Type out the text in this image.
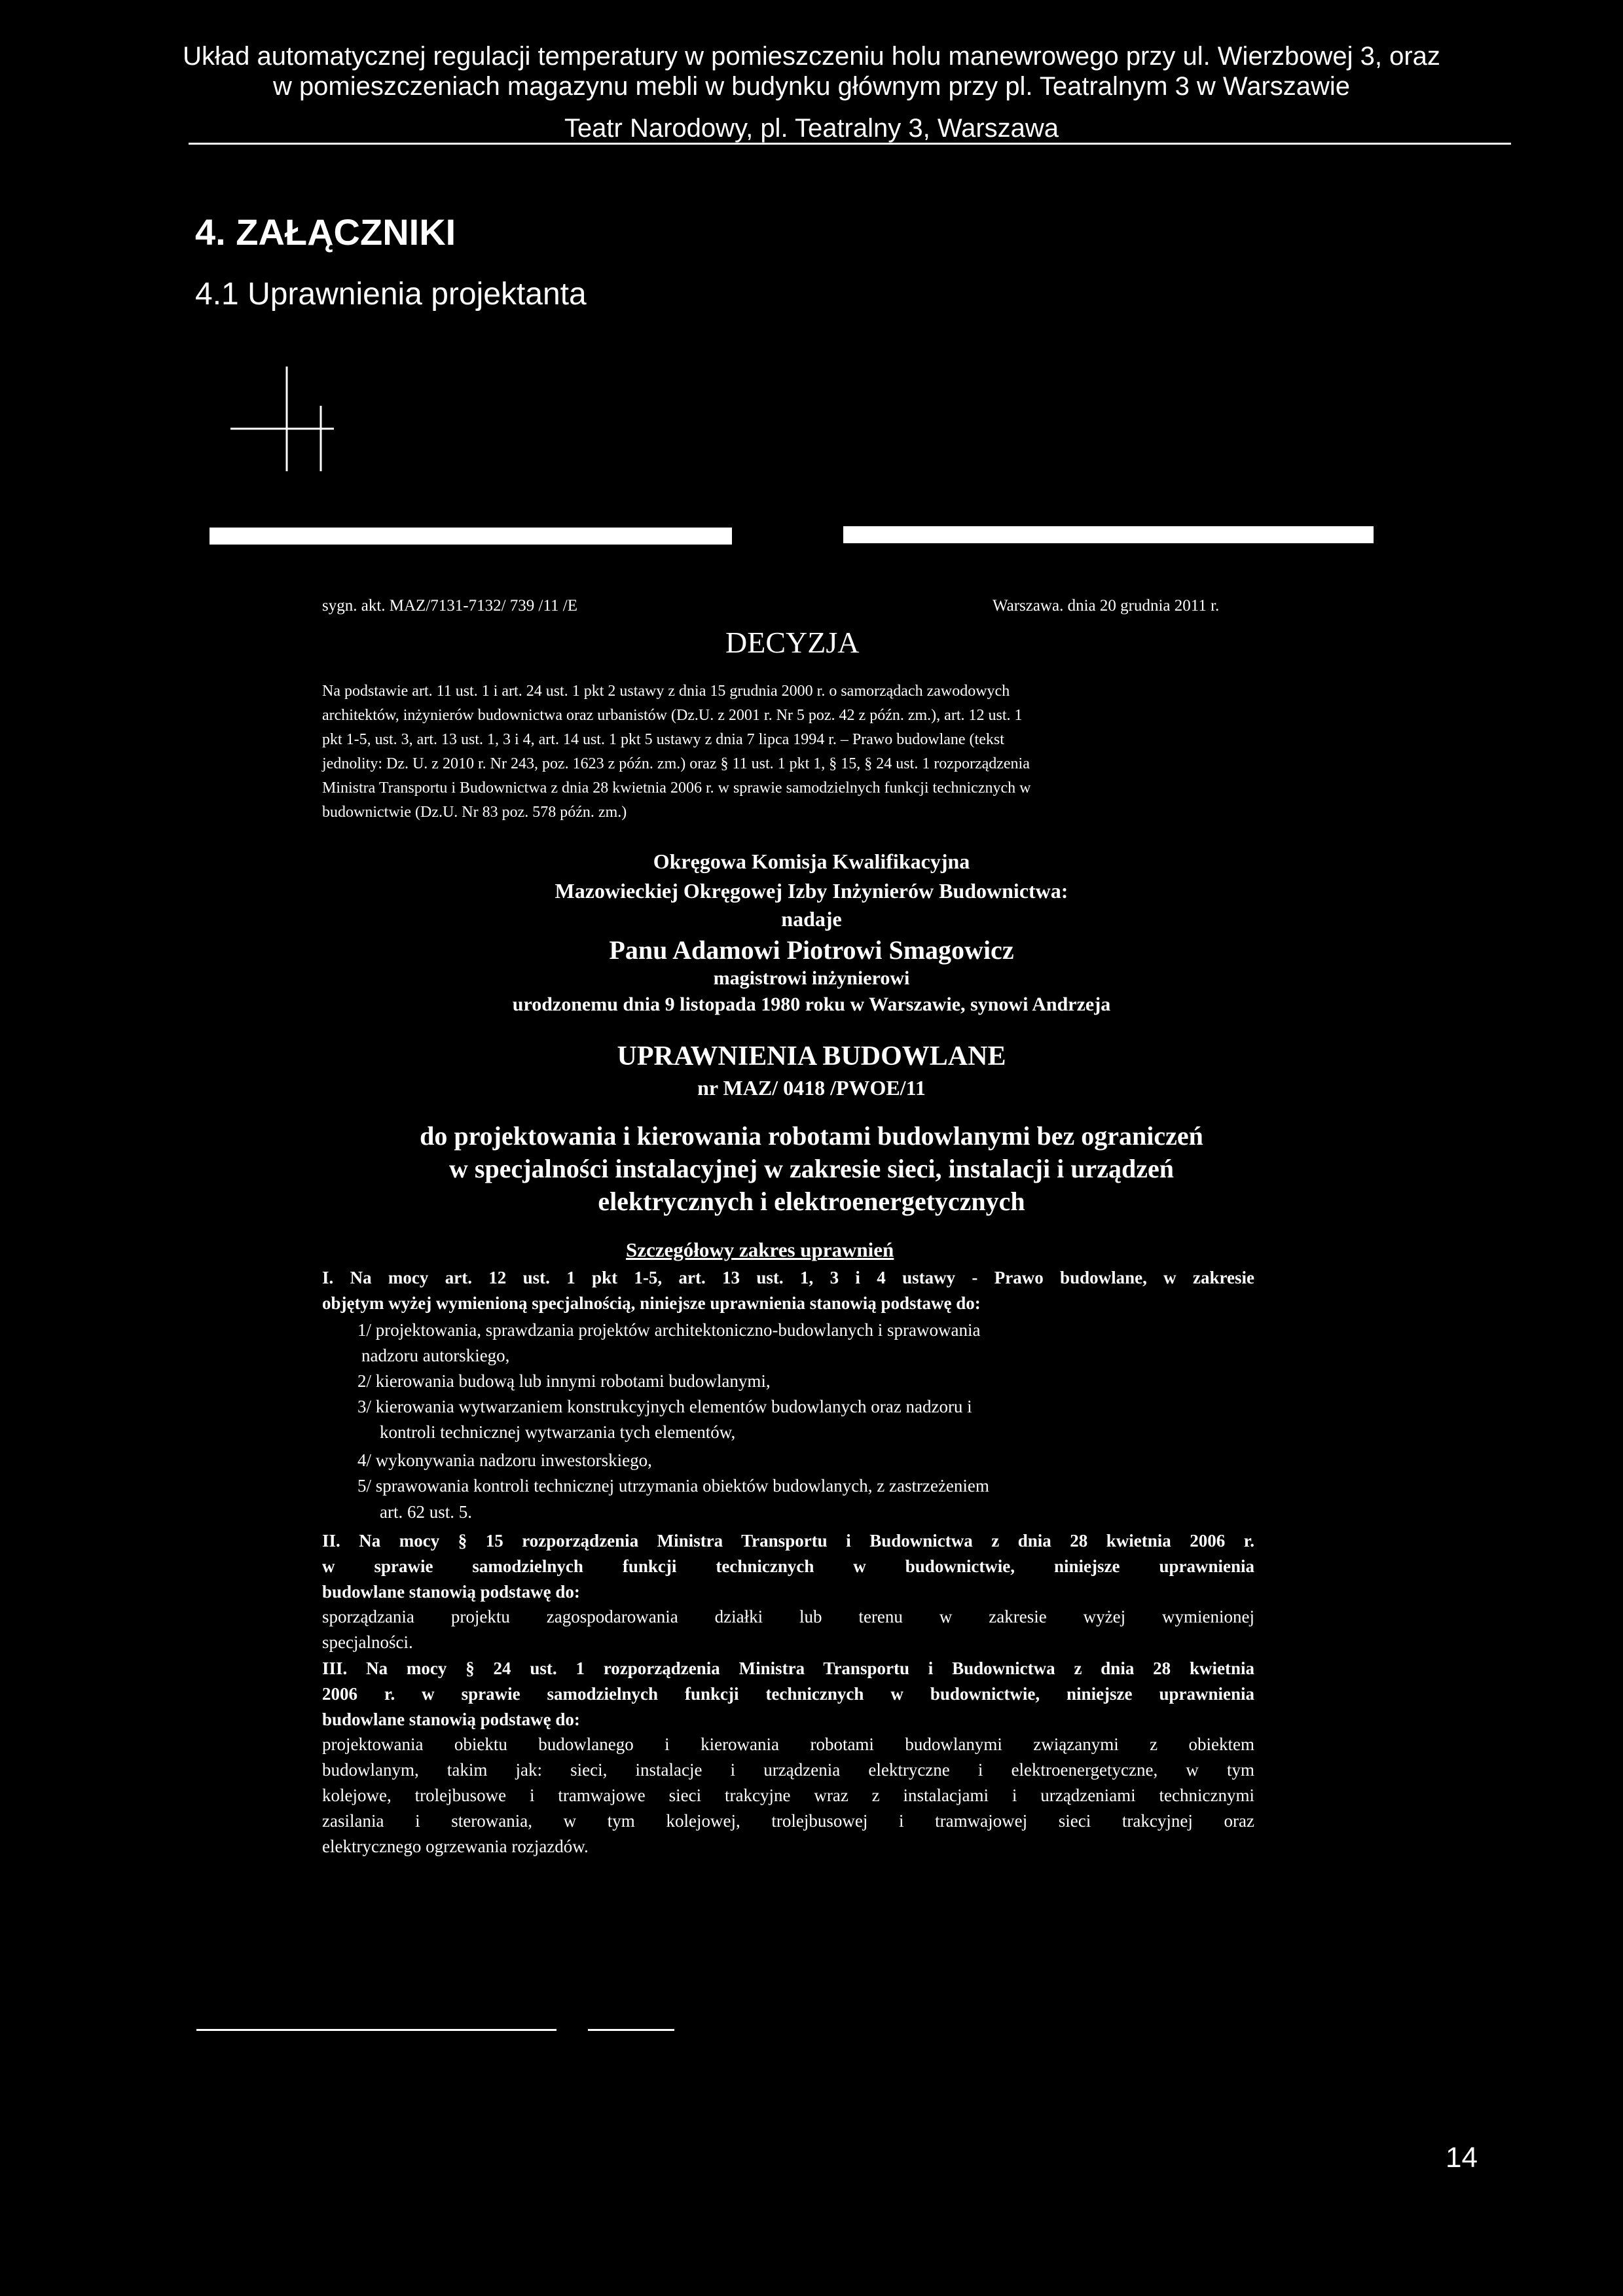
Układ automatycznej regulacji temperatury w pomieszczeniu holu manewrowego przy ul. Wierzbowej 3, oraz
w pomieszczeniach magazynu mebli w budynku głównym przy pl. Teatralnym 3 w Warszawie
Teatr Narodowy, pl. Teatralny 3, Warszawa
4. ZAŁĄCZNIKI
4.1 Uprawnienia projektanta
sygn. akt. MAZ/7131-7132/ 739 /11 /E	Warszawa. dnia 20 grudnia 2011 r.
DECYZJA
Na podstawie art. 11 ust. 1 i art. 24 ust. 1 pkt 2 ustawy z dnia 15 grudnia 2000 r. o samorządach zawodowych
architektów, inżynierów budownictwa oraz urbanistów (Dz.U. z 2001 r. Nr 5 poz. 42 z późn. zm.), art. 12 ust. 1
pkt 1-5, ust. 3, art. 13 ust. 1, 3 i 4, art. 14 ust. 1 pkt 5 ustawy z dnia 7 lipca 1994 r. – Prawo budowlane (tekst
jednolity: Dz. U. z 2010 r. Nr 243, poz. 1623 z późn. zm.) oraz § 11 ust. 1 pkt 1, § 15, § 24 ust. 1 rozporządzenia
Ministra Transportu i Budownictwa z dnia 28 kwietnia 2006 r. w sprawie samodzielnych funkcji technicznych w
budownictwie (Dz.U. Nr 83 poz. 578 późn. zm.)
Okręgowa Komisja Kwalifikacyjna
Mazowieckiej Okręgowej Izby Inżynierów Budownictwa:
nadaje
Panu Adamowi Piotrowi Smagowicz
magistrowi inżynierowi
urodzonemu dnia 9 listopada 1980 roku w Warszawie, synowi Andrzeja
UPRAWNIENIA BUDOWLANE
nr MAZ/ 0418 /PWOE/11
do projektowania i kierowania robotami budowlanymi bez ograniczeń
w specjalności instalacyjnej w zakresie sieci, instalacji i urządzeń
elektrycznych i elektroenergetycznych
Szczegółowy zakres uprawnień
I. Na mocy art. 12 ust. 1 pkt 1-5, art. 13 ust. 1, 3 i 4 ustawy - Prawo budowlane, w zakresie
objętym wyżej wymienioną specjalnością, niniejsze uprawnienia stanowią podstawę do:
1/ projektowania, sprawdzania projektów architektoniczno-budowlanych i sprawowania
nadzoru autorskiego,
2/ kierowania budową lub innymi robotami budowlanymi,
3/ kierowania wytwarzaniem konstrukcyjnych elementów budowlanych oraz nadzoru i
kontroli technicznej wytwarzania tych elementów,
4/ wykonywania nadzoru inwestorskiego,
5/ sprawowania kontroli technicznej utrzymania obiektów budowlanych, z zastrzeżeniem
art. 62 ust. 5.
II. Na mocy § 15 rozporządzenia Ministra Transportu i Budownictwa z dnia 28 kwietnia 2006 r.
w sprawie samodzielnych funkcji technicznych w budownictwie, niniejsze uprawnienia
budowlane stanowią podstawę do:
sporządzania projektu zagospodarowania działki lub terenu w zakresie wyżej wymienionej
specjalności.
III. Na mocy § 24 ust. 1 rozporządzenia Ministra Transportu i Budownictwa z dnia 28 kwietnia
2006 r. w sprawie samodzielnych funkcji technicznych w budownictwie, niniejsze uprawnienia
budowlane stanowią podstawę do:
projektowania obiektu budowlanego i kierowania robotami budowlanymi związanymi z obiektem
budowlanym, takim jak: sieci, instalacje i urządzenia elektryczne i elektroenergetyczne, w tym
kolejowe, trolejbusowe i tramwajowe sieci trakcyjne wraz z instalacjami i urządzeniami technicznymi
zasilania i sterowania, w tym kolejowej, trolejbusowej i tramwajowej sieci trakcyjnej oraz
elektrycznego ogrzewania rozjazdów.
14
